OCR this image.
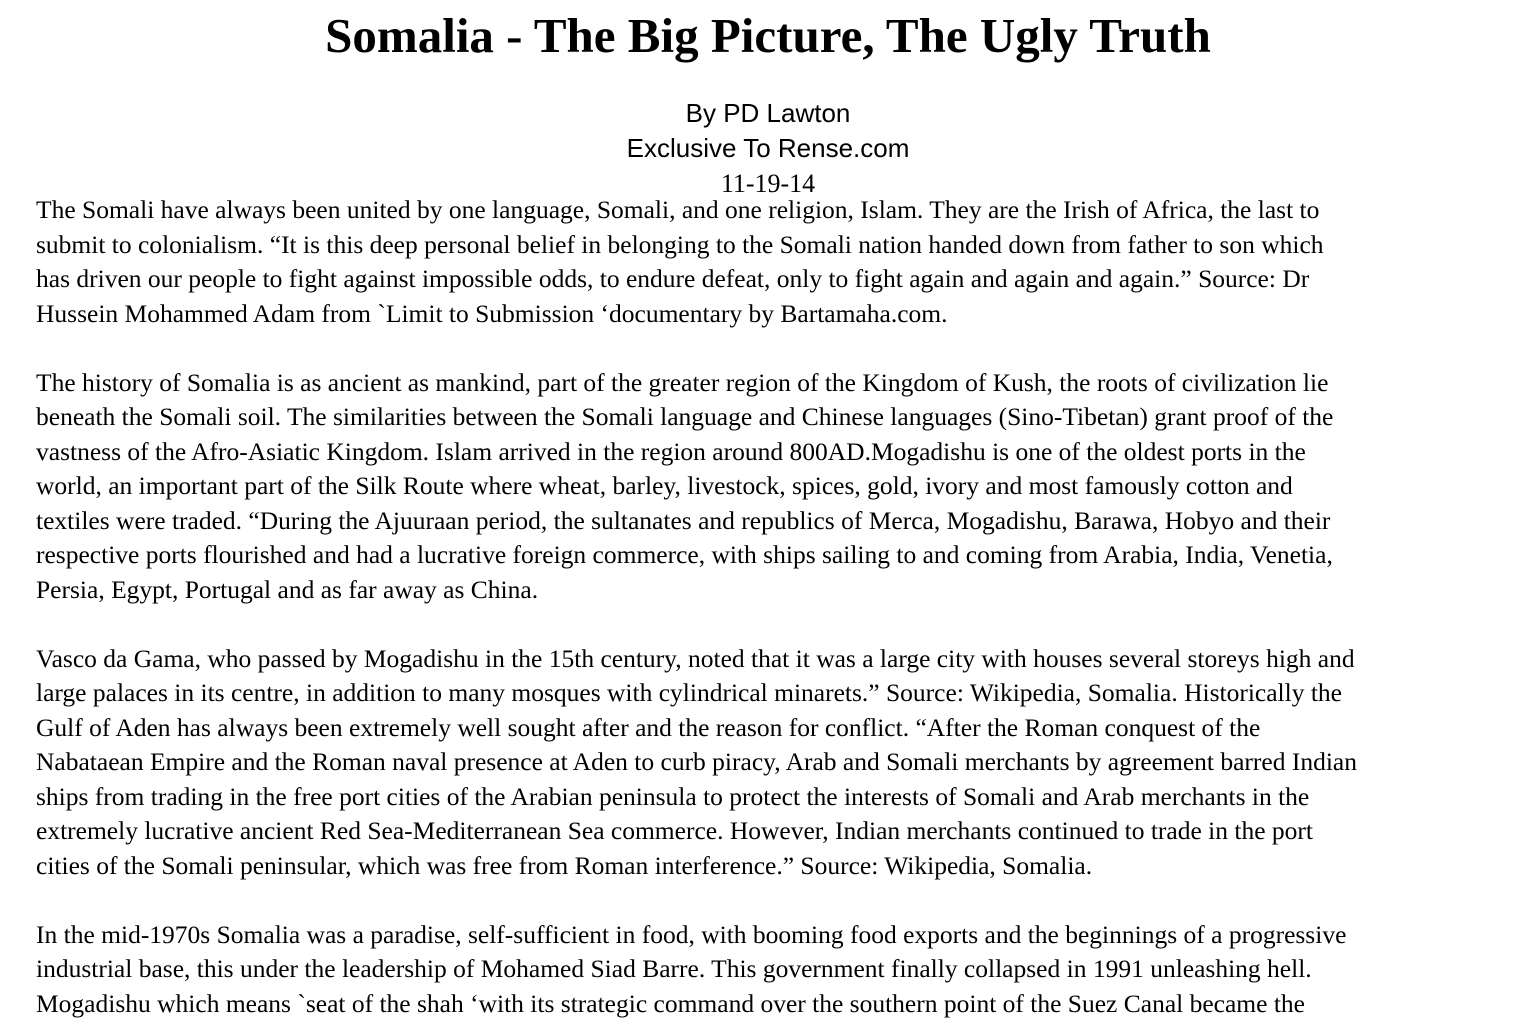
Somalia - The Big Picture, The Ugly Truth

By PD Lawton

Exclusive To Rense.com

11-19-14

The Somali have always been united by one language, Somali, and one religion, Islam. They are the Irish of Africa, the last to
submit to colonialism. “It is this deep personal belief in belonging to the Somali nation handed down from father to son which
has driven our people to fight against impossible odds, to endure defeat, only to fight again and again and again.” Source: Dr
Hussein Mohammed Adam from `Limit to Submission ‘documentary by Bartamaha.com.

The history of Somalia is as ancient as mankind, part of the greater region of the Kingdom of Kush, the roots of civilization lie
beneath the Somali soil. The similarities between the Somali language and Chinese languages (Sino-Tibetan) grant proof of the
vastness of the Afro-Asiatic Kingdom. Islam arrived in the region around 800AD.Mogadishu is one of the oldest ports in the
world, an important part of the Silk Route where wheat, barley, livestock, spices, gold, ivory and most famously cotton and
textiles were traded. “During the Ajuuraan period, the sultanates and republics of Merca, Mogadishu, Barawa, Hobyo and their
respective ports flourished and had a lucrative foreign commerce, with ships sailing to and coming from Arabia, India, Venetia,
Persia, Egypt, Portugal and as far away as China.

Vasco da Gama, who passed by Mogadishu in the 15th century, noted that it was a large city with houses several storeys high and
large palaces in its centre, in addition to many mosques with cylindrical minarets.” Source: Wikipedia, Somalia. Historically the
Gulf of Aden has always been extremely well sought after and the reason for conflict. “After the Roman conquest of the
Nabataean Empire and the Roman naval presence at Aden to curb piracy, Arab and Somali merchants by agreement barred Indian
ships from trading in the free port cities of the Arabian peninsula to protect the interests of Somali and Arab merchants in the
extremely lucrative ancient Red Sea-Mediterranean Sea commerce. However, Indian merchants continued to trade in the port
cities of the Somali peninsular, which was free from Roman interference.” Source: Wikipedia, Somalia.

In the mid-1970s Somalia was a paradise, self-sufficient in food, with booming food exports and the beginnings of a progressive
industrial base, this under the leadership of Mohamed Siad Barre. This government finally collapsed in 1991 unleashing hell.
Mogadishu which means `seat of the shah ‘with its strategic command over the southern point of the Suez Canal became the
